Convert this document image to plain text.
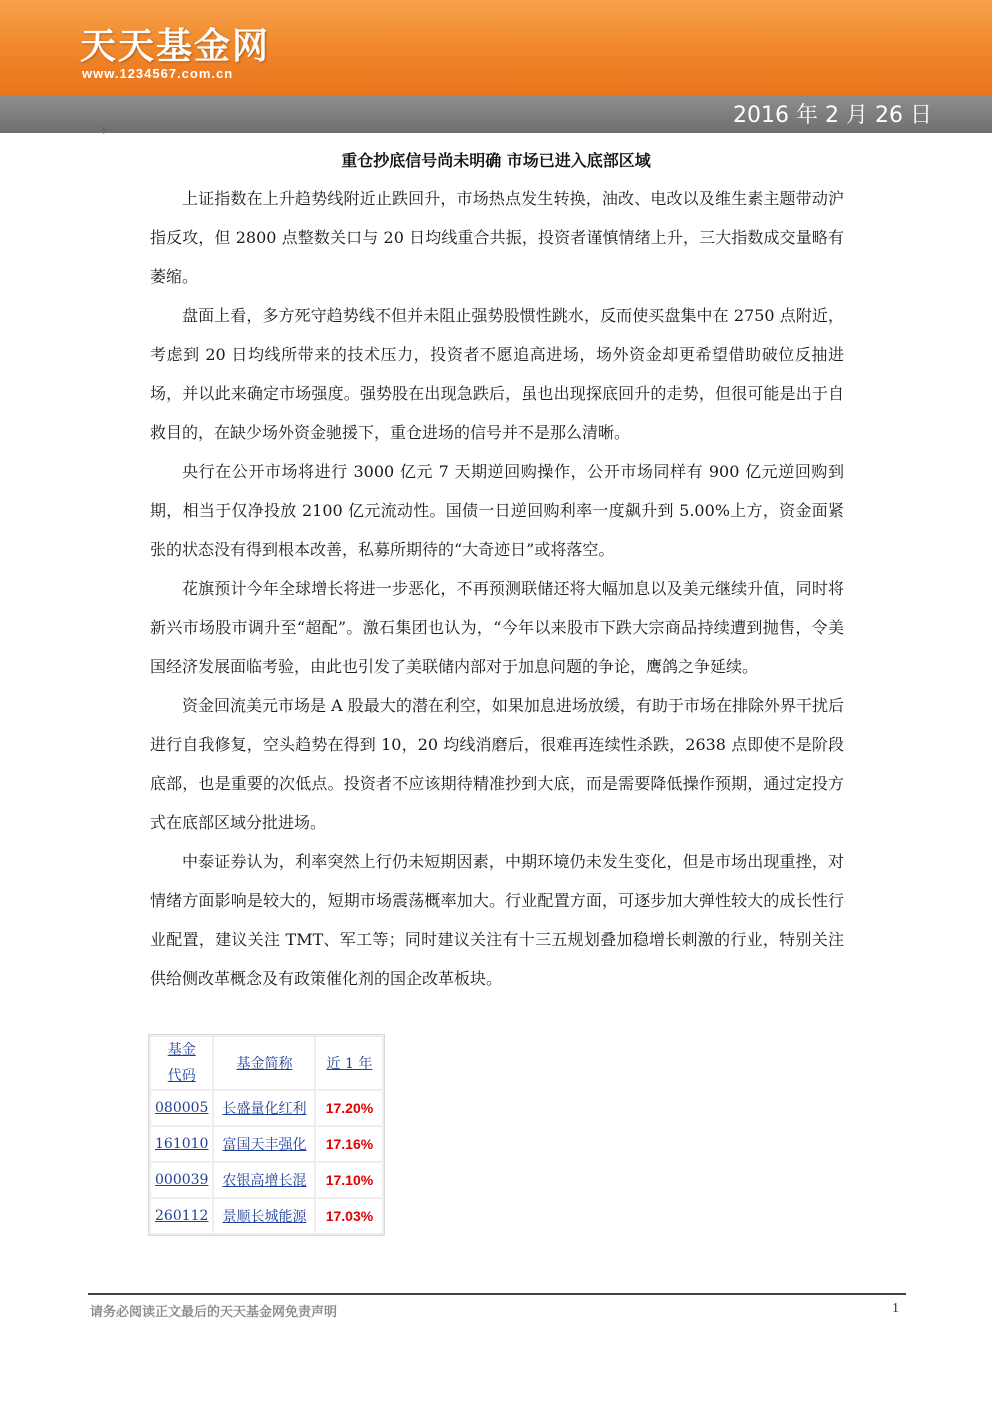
天天基金网
www.1234567.com.cn
2016 年 2 月 26 日
+
重仓抄底信号尚未明确 市场已进入底部区域

上证指数在上升趋势线附近止跌回升，市场热点发生转换，油改、电改以及维生素主题带动沪指反攻，但 2800 点整数关口与 20 日均线重合共振，投资者谨慎情绪上升，三大指数成交量略有萎缩。

盘面上看，多方死守趋势线不但并未阻止强势股惯性跳水，反而使买盘集中在 2750 点附近，考虑到 20 日均线所带来的技术压力，投资者不愿追高进场，场外资金却更希望借助破位反抽进场，并以此来确定市场强度。强势股在出现急跌后，虽也出现探底回升的走势，但很可能是出于自救目的，在缺少场外资金驰援下，重仓进场的信号并不是那么清晰。

央行在公开市场将进行 3000 亿元 7 天期逆回购操作，公开市场同样有 900 亿元逆回购到期，相当于仅净投放 2100 亿元流动性。国债一日逆回购利率一度飙升到 5.00%上方，资金面紧张的状态没有得到根本改善，私募所期待的“大奇迹日”或将落空。

花旗预计今年全球增长将进一步恶化，不再预测联储还将大幅加息以及美元继续升值，同时将新兴市场股市调升至“超配”。激石集团也认为，“今年以来股市下跌大宗商品持续遭到抛售，令美国经济发展面临考验，由此也引发了美联储内部对于加息问题的争论，鹰鸽之争延续。

资金回流美元市场是 A 股最大的潜在利空，如果加息进场放缓，有助于市场在排除外界干扰后进行自我修复，空头趋势在得到 10，20 均线消磨后，很难再连续性杀跌，2638 点即使不是阶段底部，也是重要的次低点。投资者不应该期待精准抄到大底，而是需要降低操作预期，通过定投方式在底部区域分批进场。

中泰证券认为，利率突然上行仍未短期因素，中期环境仍未发生变化，但是市场出现重挫，对情绪方面影响是较大的，短期市场震荡概率加大。行业配置方面，可逐步加大弹性较大的成长性行业配置，建议关注 TMT、军工等；同时建议关注有十三五规划叠加稳增长刺激的行业，特别关注供给侧改革概念及有政策催化剂的国企改革板块。

基金代码	基金简称	近 1 年
080005	长盛量化红利	17.20%
161010	富国天丰强化	17.16%
000039	农银高增长混	17.10%
260112	景顺长城能源	17.03%
请务必阅读正文最后的天天基金网免责声明	1
